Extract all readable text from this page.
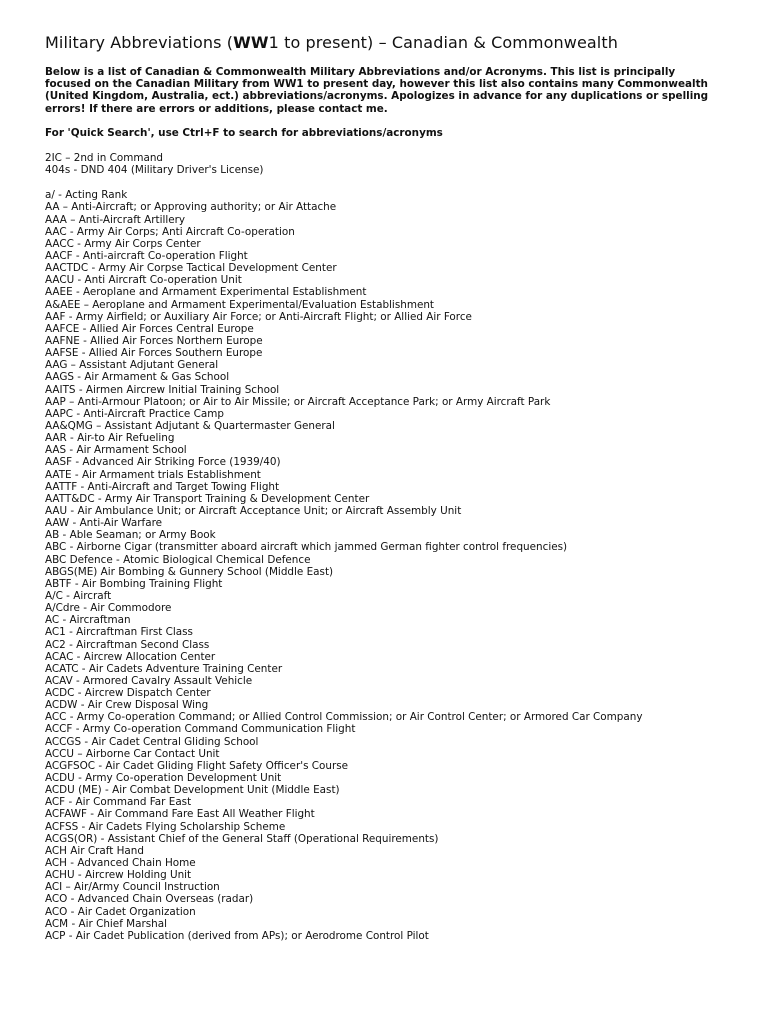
Military Abbreviations (WW1 to present) – Canadian & Commonwealth
Below is a list of Canadian & Commonwealth Military Abbreviations and/or Acronyms. This list is principally focused on the Canadian Military from WW1 to present day, however this list also contains many Commonwealth (United Kingdom, Australia, ect.) abbreviations/acronyms. Apologizes in advance for any duplications or spelling errors! If there are errors or additions, please contact me.
For 'Quick Search', use Ctrl+F to search for abbreviations/acronyms
2IC – 2nd in Command
404s - DND 404 (Military Driver's License)
a/ - Acting Rank
AA – Anti-Aircraft; or Approving authority; or Air Attache
AAA – Anti-Aircraft Artillery
AAC - Army Air Corps; Anti Aircraft Co-operation
AACC - Army Air Corps Center
AACF - Anti-aircraft Co-operation Flight
AACTDC - Army Air Corpse Tactical Development Center
AACU - Anti Aircraft Co-operation Unit
AAEE - Aeroplane and Armament Experimental Establishment
A&AEE – Aeroplane and Armament Experimental/Evaluation Establishment
AAF - Army Airfield; or Auxiliary Air Force; or Anti-Aircraft Flight; or Allied Air Force
AAFCE - Allied Air Forces Central Europe
AAFNE - Allied Air Forces Northern Europe
AAFSE - Allied Air Forces Southern Europe
AAG – Assistant Adjutant General
AAGS - Air Armament & Gas School
AAITS - Airmen Aircrew Initial Training School
AAP – Anti-Armour Platoon; or Air to Air Missile; or Aircraft Acceptance Park; or Army Aircraft Park
AAPC - Anti-Aircraft Practice Camp
AA&QMG – Assistant Adjutant & Quartermaster General
AAR - Air-to Air Refueling
AAS - Air Armament School
AASF - Advanced Air Striking Force (1939/40)
AATE - Air Armament trials Establishment
AATTF - Anti-Aircraft and Target Towing Flight
AATT&DC - Army Air Transport Training & Development Center
AAU - Air Ambulance Unit; or Aircraft Acceptance Unit; or Aircraft Assembly Unit
AAW - Anti-Air Warfare
AB - Able Seaman; or Army Book
ABC - Airborne Cigar (transmitter aboard aircraft which jammed German fighter control frequencies)
ABC Defence - Atomic Biological Chemical Defence
ABGS(ME) Air Bombing & Gunnery School (Middle East)
ABTF - Air Bombing Training Flight
A/C - Aircraft
A/Cdre - Air Commodore
AC - Aircraftman
AC1 - Aircraftman First Class
AC2 - Aircraftman Second Class
ACAC - Aircrew Allocation Center
ACATC - Air Cadets Adventure Training Center
ACAV - Armored Cavalry Assault Vehicle
ACDC - Aircrew Dispatch Center
ACDW - Air Crew Disposal Wing
ACC - Army Co-operation Command; or Allied Control Commission; or Air Control Center; or Armored Car Company
ACCF - Army Co-operation Command Communication Flight
ACCGS - Air Cadet Central Gliding School
ACCU – Airborne Car Contact Unit
ACGFSOC - Air Cadet Gliding Flight Safety Officer's Course
ACDU - Army Co-operation Development Unit
ACDU (ME) - Air Combat Development Unit (Middle East)
ACF - Air Command Far East
ACFAWF - Air Command Fare East All Weather Flight
ACFSS - Air Cadets Flying Scholarship Scheme
ACGS(OR) - Assistant Chief of the General Staff (Operational Requirements)
ACH Air Craft Hand
ACH - Advanced Chain Home
ACHU - Aircrew Holding Unit
ACI – Air/Army Council Instruction
ACO - Advanced Chain Overseas (radar)
ACO - Air Cadet Organization
ACM - Air Chief Marshal
ACP - Air Cadet Publication (derived from APs); or Aerodrome Control Pilot
